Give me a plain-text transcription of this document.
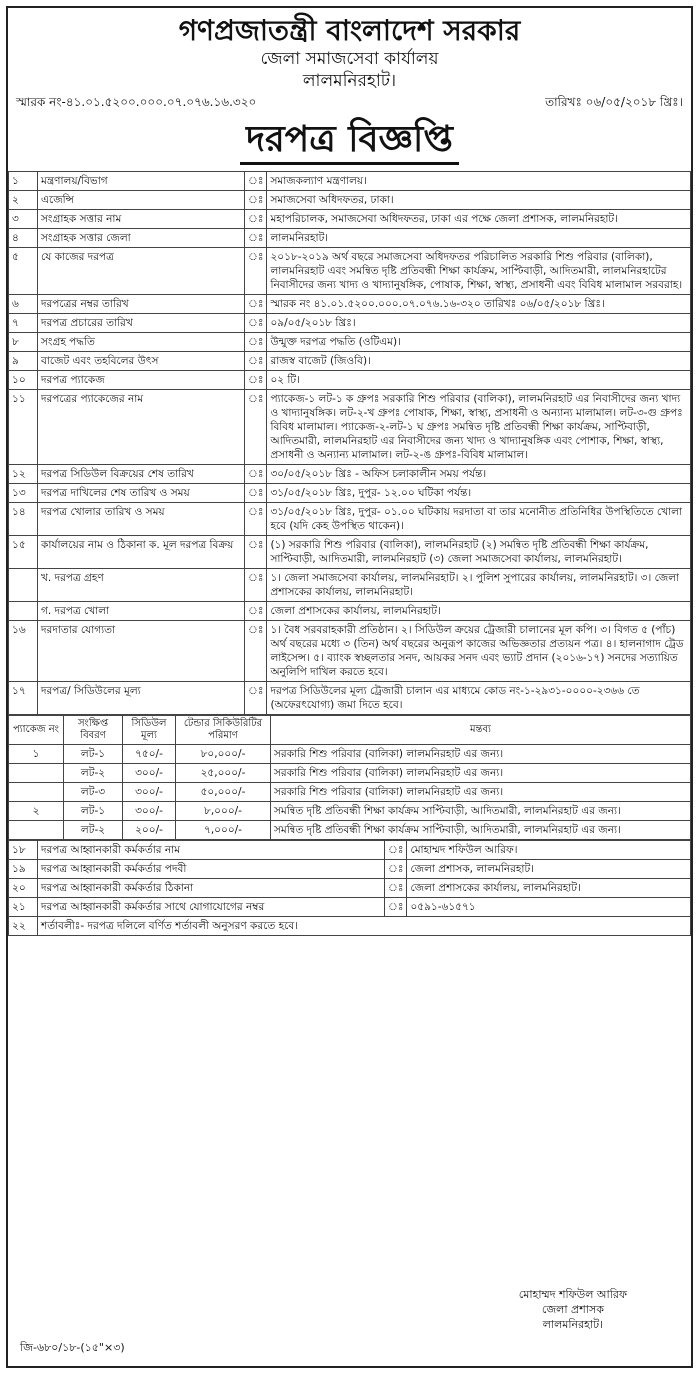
গণপ্রজাতন্ত্রী বাংলাদেশ সরকার
জেলা সমাজসেবা কার্যালয়
লালমনিরহাট।
স্মারক নং-৪১.০১.৫২০০.০০০.০৭.০৭৬.১৬.৩২০	তারিখঃ ০৬/০৫/২০১৮ খ্রিঃ।
দরপত্র বিজ্ঞপ্তি
১	মন্ত্রণালয়/বিভাগ	ঃ	সমাজকল্যাণ মন্ত্রণালয়।
২	এজেন্সি	ঃ	সমাজসেবা অধিদফতর, ঢাকা।
৩	সংগ্রাহক সত্তার নাম	ঃ	মহাপরিচালক, সমাজসেবা অধিদফতর, ঢাকা এর পক্ষে জেলা প্রশাসক, লালমনিরহাট।
৪	সংগ্রাহক সত্তার জেলা	ঃ	লালমনিরহাট।
৫	যে কাজের দরপত্র	ঃ	২০১৮-২০১৯ অর্থ বছরে সমাজসেবা অধিদফতর পরিচালিত সরকারি শিশু পরিবার (বালিকা), লালমনিরহাট এবং সমন্বিত দৃষ্টি প্রতিবন্ধী শিক্ষা কার্যক্রম, সাপ্টিবাড়ী, আদিতমারী, লালমনিরহাটের নিবাসীদের জন্য খাদ্য ও খাদ্যানুষঙ্গিক, পোষাক, শিক্ষা, স্বাস্থ্য, প্রসাধনী এবং বিবিধ মালামাল সরবরাহ।
৬	দরপত্রের নম্বর তারিখ	ঃ	স্মারক নং ৪১.০১.৫২০০.০০০.০৭.০৭৬.১৬-৩২০ তারিখঃ ০৬/০৫/২০১৮ খ্রিঃ।
৭	দরপত্র প্রচারের তারিখ	ঃ	০৯/০৫/২০১৮ খ্রিঃ।
৮	সংগ্রহ পদ্ধতি	ঃ	উন্মুক্ত দরপত্র পদ্ধতি (ওটিএম)।
৯	বাজেট এবং তহবিলের উৎস	ঃ	রাজস্ব বাজেট (জিওবি)।
১০	দরপত্র প্যাকেজ	ঃ	০২ টি।
১১	দরপত্রের প্যাকেজের নাম	ঃ	প্যাকেজ-১ লট-১ ক গ্রুপঃ সরকারি শিশু পরিবার (বালিকা), লালমনিরহাট এর নিবাসীদের জন্য খাদ্য ও খাদ্যানুষঙ্গিক। লট-২-খ গ্রুপঃ পোষাক, শিক্ষা, স্বাস্থ্য, প্রসাধনী ও অন্যান্য মালামাল। লট-৩-গু গ্রুপঃ বিবিধ মালামাল। প্যাকেজ-২-লট-১ ঘ গ্রুপঃ সমন্বিত দৃষ্টি প্রতিবন্ধী শিক্ষা কার্যক্রম, সাপ্টিবাড়ী, আদিতমারী, লালমনিরহাট এর নিবাসীদের জন্য খাদ্য ও খাদ্যানুষঙ্গিক এবং পোশাক, শিক্ষা, স্বাস্থ্য, প্রসাধনী ও অন্যান্য মালামাল। লট-২-ঙ গ্রুপঃ-বিবিধ মালামাল।
১২	দরপত্র সিডিউল বিক্রয়ের শেষ তারিখ	ঃ	৩০/০৫/২০১৮ খ্রিঃ - অফিস চলাকালীন সময় পর্যন্ত।
১৩	দরপত্র দাখিলের শেষ তারিখ ও সময়	ঃ	৩১/০৫/২০১৮ খ্রিঃ, দুপুর- ১২.০০ ঘটিকা পর্যন্ত।
১৪	দরপত্র খোলার তারিখ ও সময়	ঃ	৩১/০৫/২০১৮ খ্রিঃ, দুপুর- ০১.০০ ঘটিকায় দরদাতা বা তার মনোনীত প্রতিনিধির উপস্থিতিতে খোলা হবে (যদি কেহ উপস্থিত থাকেন)।
১৫	কার্যালয়ের নাম ও ঠিকানা ক. মূল দরপত্র বিক্রয়	ঃ	(১) সরকারি শিশু পরিবার (বালিকা), লালমনিরহাট (২) সমন্বিত দৃষ্টি প্রতিবন্ধী শিক্ষা কার্যক্রম, সাপ্টিবাড়ী, আদিতমারী, লালমনিরহাট (৩) জেলা সমাজসেবা কার্যালয়, লালমনিরহাট।
	খ. দরপত্র গ্রহণ	ঃ	১। জেলা সমাজসেবা কার্যালয়, লালমনিরহাট। ২। পুলিশ সুপারের কার্যালয়, লালমনিরহাট। ৩। জেলা প্রশাসকের কার্যালয়, লালমনিরহাট।
	গ. দরপত্র খোলা	ঃ	জেলা প্রশাসকের কার্যালয়, লালমনিরহাট।
১৬	দরদাতার যোগ্যতা	ঃ	১। বৈধ সরবরাহকারী প্রতিষ্ঠান। ২। সিডিউল ক্রয়ের ট্রেজারী চালানের মূল কপি। ৩। বিগত ৫ (পাঁচ) অর্থ বছরের মধ্যে ৩ (তিন) অর্থ বছরের অনুরূপ কাজের অভিজ্ঞতার প্রত্যয়ন পত্র। ৪। হালনাগাদ ট্রেড লাইসেন্স। ৫। ব্যাংক স্বচ্ছলতার সনদ, আয়কর সনদ এবং ভ্যাট প্রদান (২০১৬-১৭) সনদের সত্যায়িত অনুলিপি দাখিল করতে হবে।
১৭	দরপত্র/ সিডিউলের মূল্য	ঃ	দরপত্র সিডিউলের মূল্য ট্রেজারী চালান এর মাধ্যমে কোড নং-১-২৯৩১-০০০০-২৩৬৬ তে (অফেরৎযোগ্য) জমা দিতে হবে।
প্যাকেজ নং	সংক্ষিপ্ত বিবরণ	সিডিউল মূল্য	টেন্ডার সিকিউরিটির পরিমাণ	মন্তব্য
১	লট-১	৭৫০/-	৮০,০০০/-	সরকারি শিশু পরিবার (বালিকা) লালমনিরহাট এর জন্য।
	লট-২	৩০০/-	২৫,০০০/-	সরকারি শিশু পরিবার (বালিকা) লালমনিরহাট এর জন্য।
	লট-৩	৩০০/-	৫০,০০০/-	সরকারি শিশু পরিবার (বালিকা) লালমনিরহাট এর জন্য।
২	লট-১	৩০০/-	৮,০০০/-	সমন্বিত দৃষ্টি প্রতিবন্ধী শিক্ষা কার্যক্রম সাপ্টিবাড়ী, আদিতমারী, লালমনিরহাট এর জন্য।
	লট-২	২০০/-	৭,০০০/-	সমন্বিত দৃষ্টি প্রতিবন্ধী শিক্ষা কার্যক্রম সাপ্টিবাড়ী, আদিতমারী, লালমনিরহাট এর জন্য।
১৮	দরপত্র আহ্বানকারী কর্মকর্তার নাম	ঃ	মোহাম্মদ শফিউল আরিফ।
১৯	দরপত্র আহ্বানকারী কর্মকর্তার পদবী	ঃ	জেলা প্রশাসক, লালমনিরহাট।
২০	দরপত্র আহ্বানকারী কর্মকর্তার ঠিকানা	ঃ	জেলা প্রশাসকের কার্যালয়, লালমনিরহাট।
২১	দরপত্র আহ্বানকারী কর্মকর্তার সাথে যোগাযোগের নম্বর	ঃ	০৫৯১-৬১৫৭১
২২	শর্তাবলীঃ- দরপত্র দলিলে বর্ণিত শর্তাবলী অনুসরণ করতে হবে।		
মোহাম্মদ শফিউল আরিফ
জেলা প্রশাসক
লালমনিরহাট।
জি-৬৮০/১৮-(১৫"×৩)
